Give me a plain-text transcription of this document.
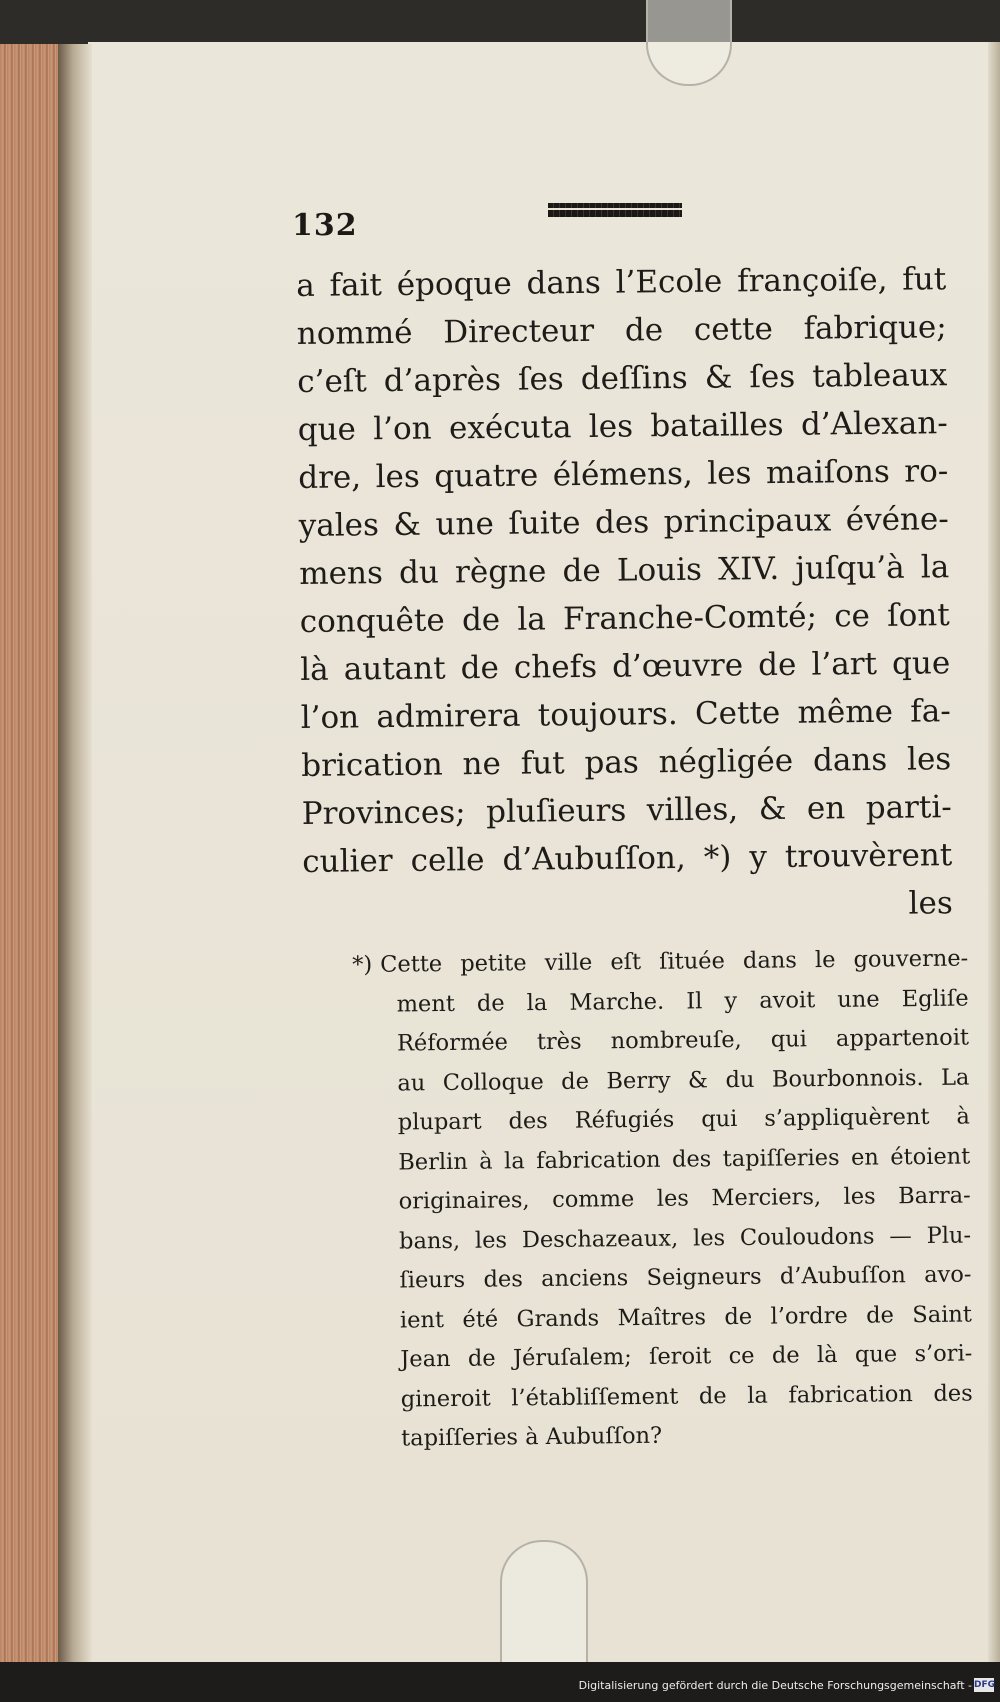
132
a fait époque dans l’Ecole françoiſe, fut
nommé Directeur de cette fabrique;
c’eſt d’après ſes deſſins & ſes tableaux
que l’on exécuta les batailles d’Alexan-
dre, les quatre élémens, les maiſons ro-
yales & une ſuite des principaux événe-
mens du règne de Louis XIV. juſqu’à la
conquête de la Franche-Comté; ce ſont
là autant de chefs d’œuvre de l’art que
l’on admirera toujours. Cette même fa-
brication ne fut pas négligée dans les
Provinces; pluſieurs villes, & en parti-
culier celle d’Aubuſſon, *) y trouvèrent
les
*) Cette petite ville eſt ſituée dans le gouverne-
ment de la Marche. Il y avoit une Egliſe
Réformée très nombreuſe, qui appartenoit
au Colloque de Berry & du Bourbonnois. La
plupart des Réfugiés qui s’appliquèrent à
Berlin à la fabrication des tapiſſeries en étoient
originaires, comme les Merciers, les Barra-
bans, les Deschazeaux, les Couloudons — Plu-
ſieurs des anciens Seigneurs d’Aubuſſon avo-
ient été Grands Maîtres de l’ordre de Saint
Jean de Jéruſalem; ſeroit ce de là que s’ori-
gineroit l’établiſſement de la fabrication des
tapiſſeries à Aubuſſon?
Digitalisierung gefördert durch die Deutsche Forschungsgemeinschaft - DFG
